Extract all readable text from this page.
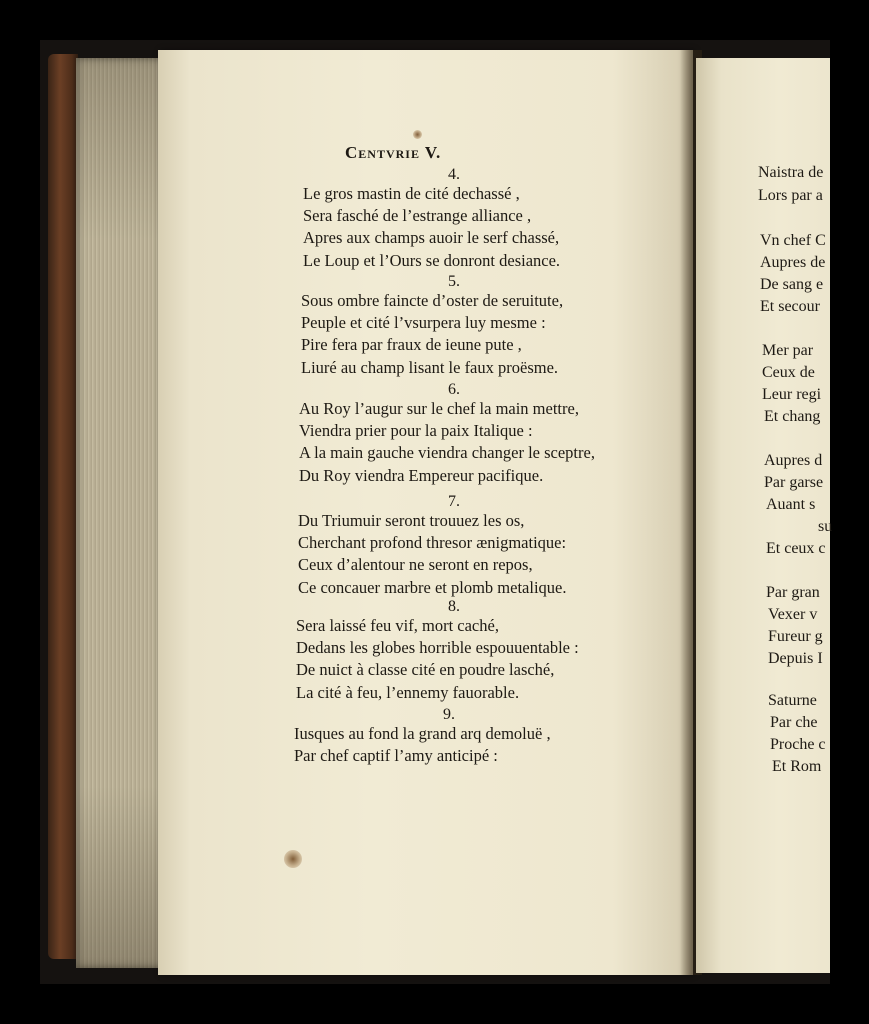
Centvrie V.
4.
Le gros mastin de cité dechassé ,
Sera fasché de l’estrange alliance ,
Apres aux champs auoir le serf chassé,
Le Loup et l’Ours se donront desiance.
5.
Sous ombre faincte d’oster de seruitute,
Peuple et cité l’vsurpera luy mesme :
Pire fera par fraux de ieune pute ,
Liuré au champ lisant le faux proësme.
6.
Au Roy l’augur sur le chef la main mettre,
Viendra prier pour la paix Italique :
A la main gauche viendra changer le sceptre,
Du Roy viendra Empereur pacifique.
7.
Du Triumuir seront trouuez les os,
Cherchant profond thresor ænigmatique:
Ceux d’alentour ne seront en repos,
Ce concauer marbre et plomb metalique.
8.
Sera laissé feu vif, mort caché,
Dedans les globes horrible espouuentable :
De nuict à classe cité en poudre lasché,
La cité à feu, l’ennemy fauorable.
9.
Iusques au fond la grand arq demoluë ,
Par chef captif l’amy anticipé :
Naistra de
Lors par a
Vn chef C
Aupres de
De sang e
Et secour
Mer par
Ceux de
Leur regi
Et chang
Aupres d
Par garse
Auant s
su
Et ceux c
Par gran
Vexer v
Fureur g
Depuis I
Saturne
Par che
Proche c
Et Rom
